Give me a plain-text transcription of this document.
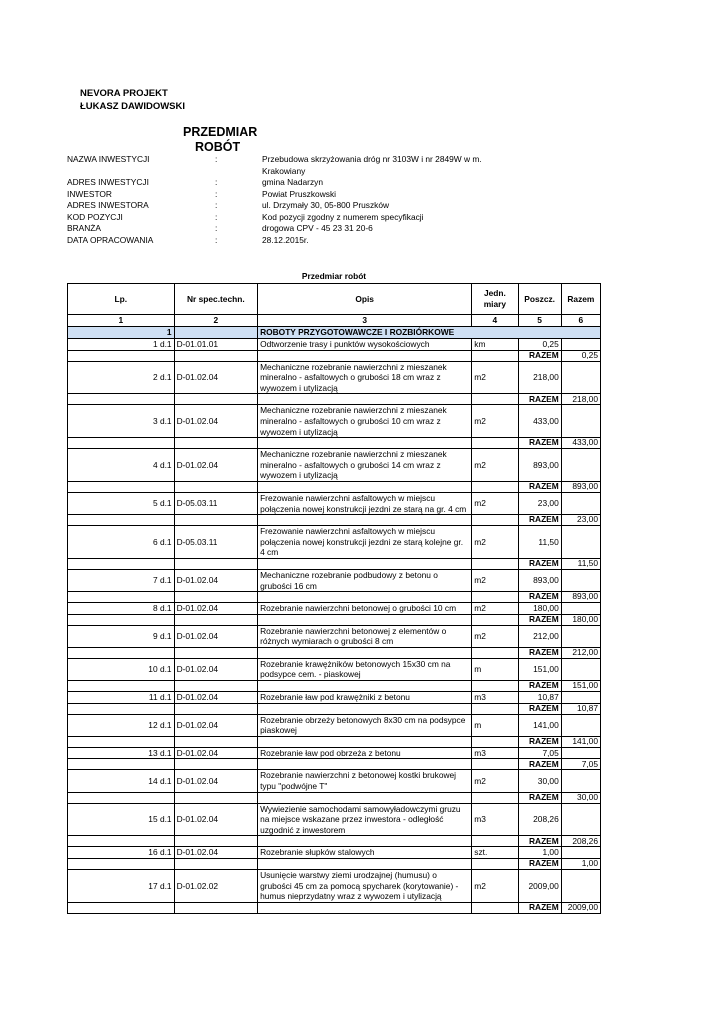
NEVORA PROJEKT
ŁUKASZ DAWIDOWSKI
PRZEDMIAR
ROBÓT
NAZWA INWESTYCJI	:	Przebudowa skrzyżowania dróg nr 3103W i nr 2849W w m. Krakowiany
ADRES INWESTYCJI	:	gmina Nadarzyn
INWESTOR	:	Powiat Pruszkowski
ADRES INWESTORA	:	ul. Drzymały 30, 05-800 Pruszków
KOD POZYCJI	:	Kod pozycji zgodny z numerem specyfikacji
BRANŻA	:	drogowa CPV - 45 23 31 20-6
DATA OPRACOWANIA	:	28.12.2015r.
Przedmiar robót
Lp.	Nr spec.techn.	Opis	Jedn. miary	Poszcz.	Razem
1	2	3	4	5	6
1		ROBOTY PRZYGOTOWAWCZE I ROZBIÓRKOWE			
1 d.1	D-01.01.01	Odtworzenie trasy i punktów wysokościowych	km	0,25	
				RAZEM	0,25
2 d.1	D-01.02.04	Mechaniczne rozebranie nawierzchni z mieszanek mineralno - asfaltowych o grubości 18 cm wraz z wywozem i utylizacją	m2	218,00	
				RAZEM	218,00
3 d.1	D-01.02.04	Mechaniczne rozebranie nawierzchni z mieszanek mineralno - asfaltowych o grubości 10 cm wraz z wywozem i utylizacją	m2	433,00	
				RAZEM	433,00
4 d.1	D-01.02.04	Mechaniczne rozebranie nawierzchni z mieszanek mineralno - asfaltowych o grubości 14 cm wraz z wywozem i utylizacją	m2	893,00	
				RAZEM	893,00
5 d.1	D-05.03.11	Frezowanie nawierzchni asfaltowych w miejscu połączenia nowej konstrukcji jezdni ze starą na gr. 4 cm	m2	23,00	
				RAZEM	23,00
6 d.1	D-05.03.11	Frezowanie nawierzchni asfaltowych w miejscu połączenia nowej konstrukcji jezdni ze starą kolejne gr. 4 cm	m2	11,50	
				RAZEM	11,50
7 d.1	D-01.02.04	Mechaniczne rozebranie podbudowy z betonu o grubości 16 cm	m2	893,00	
				RAZEM	893,00
8 d.1	D-01.02.04	Rozebranie nawierzchni betonowej o grubości 10 cm	m2	180,00	
				RAZEM	180,00
9 d.1	D-01.02.04	Rozebranie nawierzchni betonowej z elementów o różnych wymiarach o grubości 8 cm	m2	212,00	
				RAZEM	212,00
10 d.1	D-01.02.04	Rozebranie krawężników betonowych 15x30 cm na podsypce cem. - piaskowej	m	151,00	
				RAZEM	151,00
11 d.1	D-01.02.04	Rozebranie ław pod krawężniki z betonu	m3	10,87	
				RAZEM	10,87
12 d.1	D-01.02.04	Rozebranie obrzeży betonowych 8x30 cm na podsypce piaskowej	m	141,00	
				RAZEM	141,00
13 d.1	D-01.02.04	Rozebranie ław pod obrzeża z betonu	m3	7,05	
				RAZEM	7,05
14 d.1	D-01.02.04	Rozebranie nawierzchni z betonowej kostki brukowej typu "podwójne T"	m2	30,00	
				RAZEM	30,00
15 d.1	D-01.02.04	Wywiezienie samochodami samowyładowczymi gruzu na miejsce wskazane przez inwestora - odległość uzgodnić z inwestorem	m3	208,26	
				RAZEM	208,26
16 d.1	D-01.02.04	Rozebranie słupków stalowych	szt.	1,00	
				RAZEM	1,00
17 d.1	D-01.02.02	Usunięcie warstwy ziemi urodzajnej (humusu) o grubości 45 cm za pomocą spycharek (korytowanie) - humus nieprzydatny wraz z wywozem i utylizacją	m2	2009,00	
				RAZEM	2009,00
